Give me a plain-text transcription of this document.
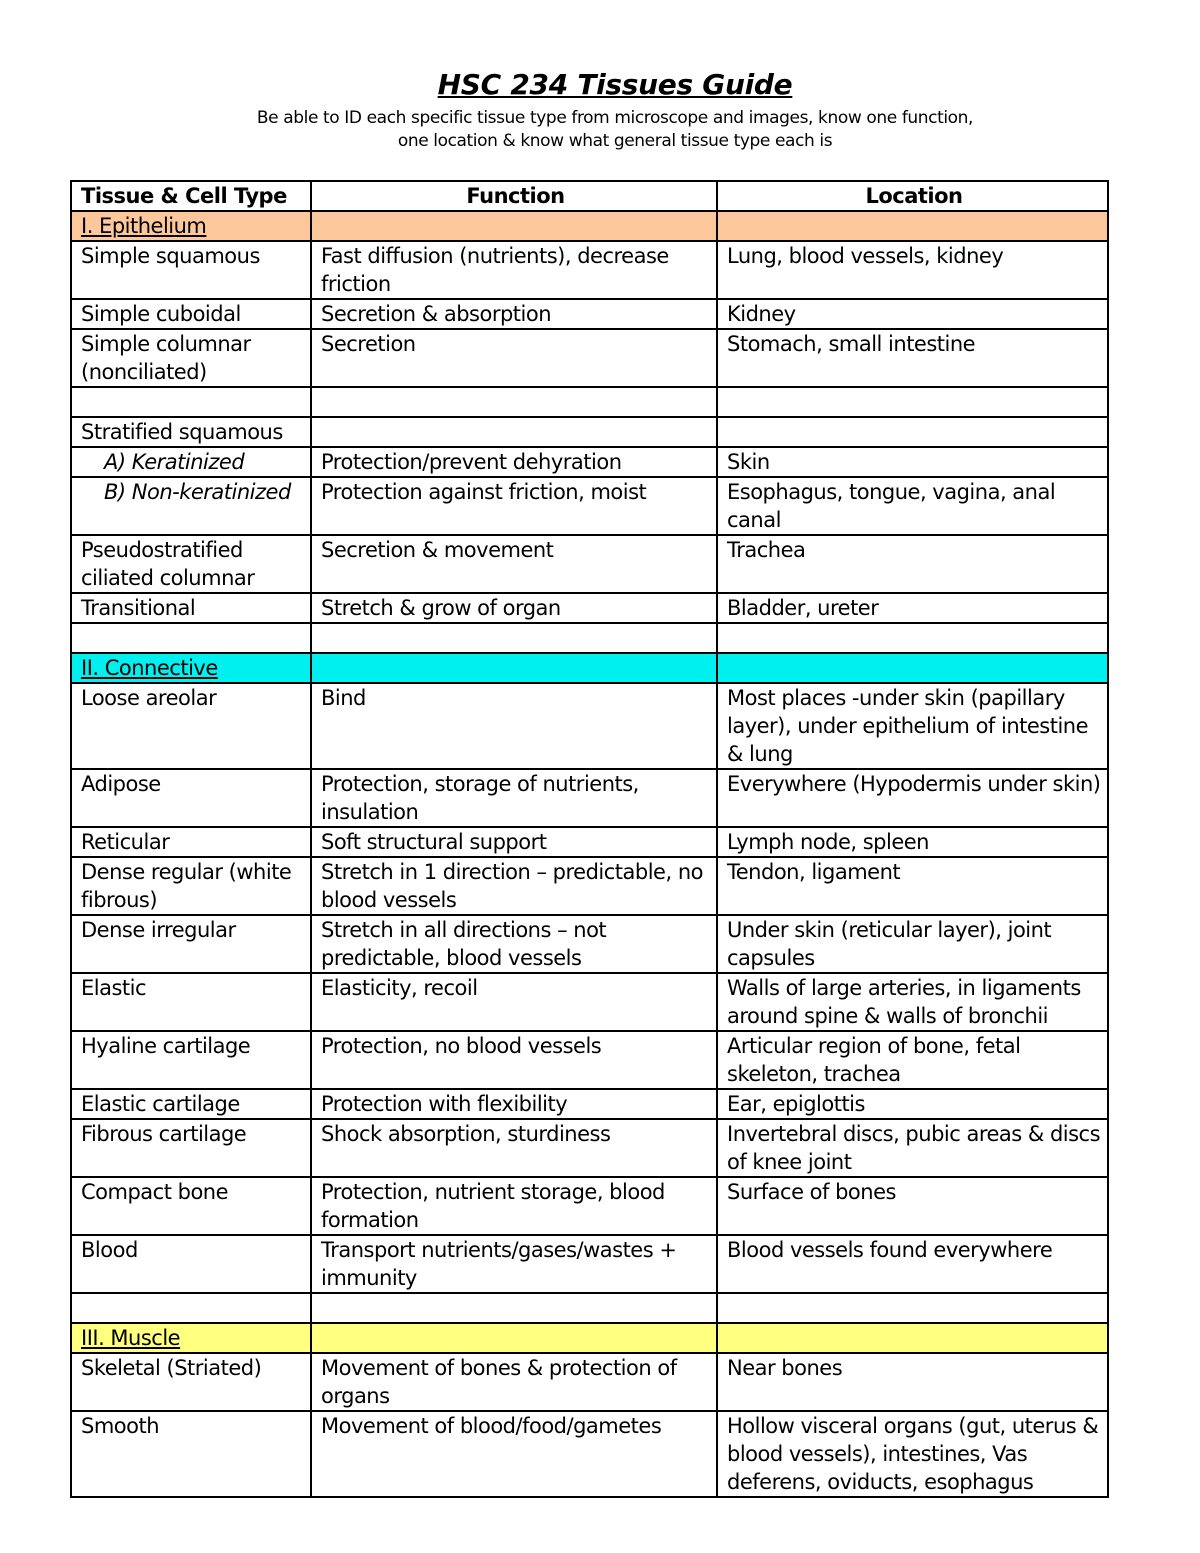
HSC 234 Tissues Guide
Be able to ID each specific tissue type from microscope and images, know one function,
one location & know what general tissue type each is
Tissue & Cell Type	Function	Location
I. Epithelium		
Simple squamous	Fast diffusion (nutrients), decrease friction	Lung, blood vessels, kidney
Simple cuboidal	Secretion & absorption	Kidney
Simple columnar (nonciliated)	Secretion	Stomach, small intestine

Stratified squamous		
A) Keratinized	Protection/prevent dehyration	Skin
B) Non-keratinized	Protection against friction, moist	Esophagus, tongue, vagina, anal canal
Pseudostratified ciliated columnar	Secretion & movement	Trachea
Transitional	Stretch & grow of organ	Bladder, ureter

II. Connective		
Loose areolar	Bind	Most places -under skin (papillary layer), under epithelium of intestine & lung
Adipose	Protection, storage of nutrients, insulation	Everywhere (Hypodermis under skin)
Reticular	Soft structural support	Lymph node, spleen
Dense regular (white fibrous)	Stretch in 1 direction – predictable, no blood vessels	Tendon, ligament
Dense irregular	Stretch in all directions – not predictable, blood vessels	Under skin (reticular layer), joint capsules
Elastic	Elasticity, recoil	Walls of large arteries, in ligaments around spine & walls of bronchii
Hyaline cartilage	Protection, no blood vessels	Articular region of bone, fetal skeleton, trachea
Elastic cartilage	Protection with flexibility	Ear, epiglottis
Fibrous cartilage	Shock absorption, sturdiness	Invertebral discs, pubic areas & discs of knee joint
Compact bone	Protection, nutrient storage, blood formation	Surface of bones
Blood	Transport nutrients/gases/wastes + immunity	Blood vessels found everywhere

III. Muscle		
Skeletal (Striated)	Movement of bones & protection of organs	Near bones
Smooth	Movement of blood/food/gametes	Hollow visceral organs (gut, uterus & blood vessels), intestines, Vas deferens, oviducts, esophagus
